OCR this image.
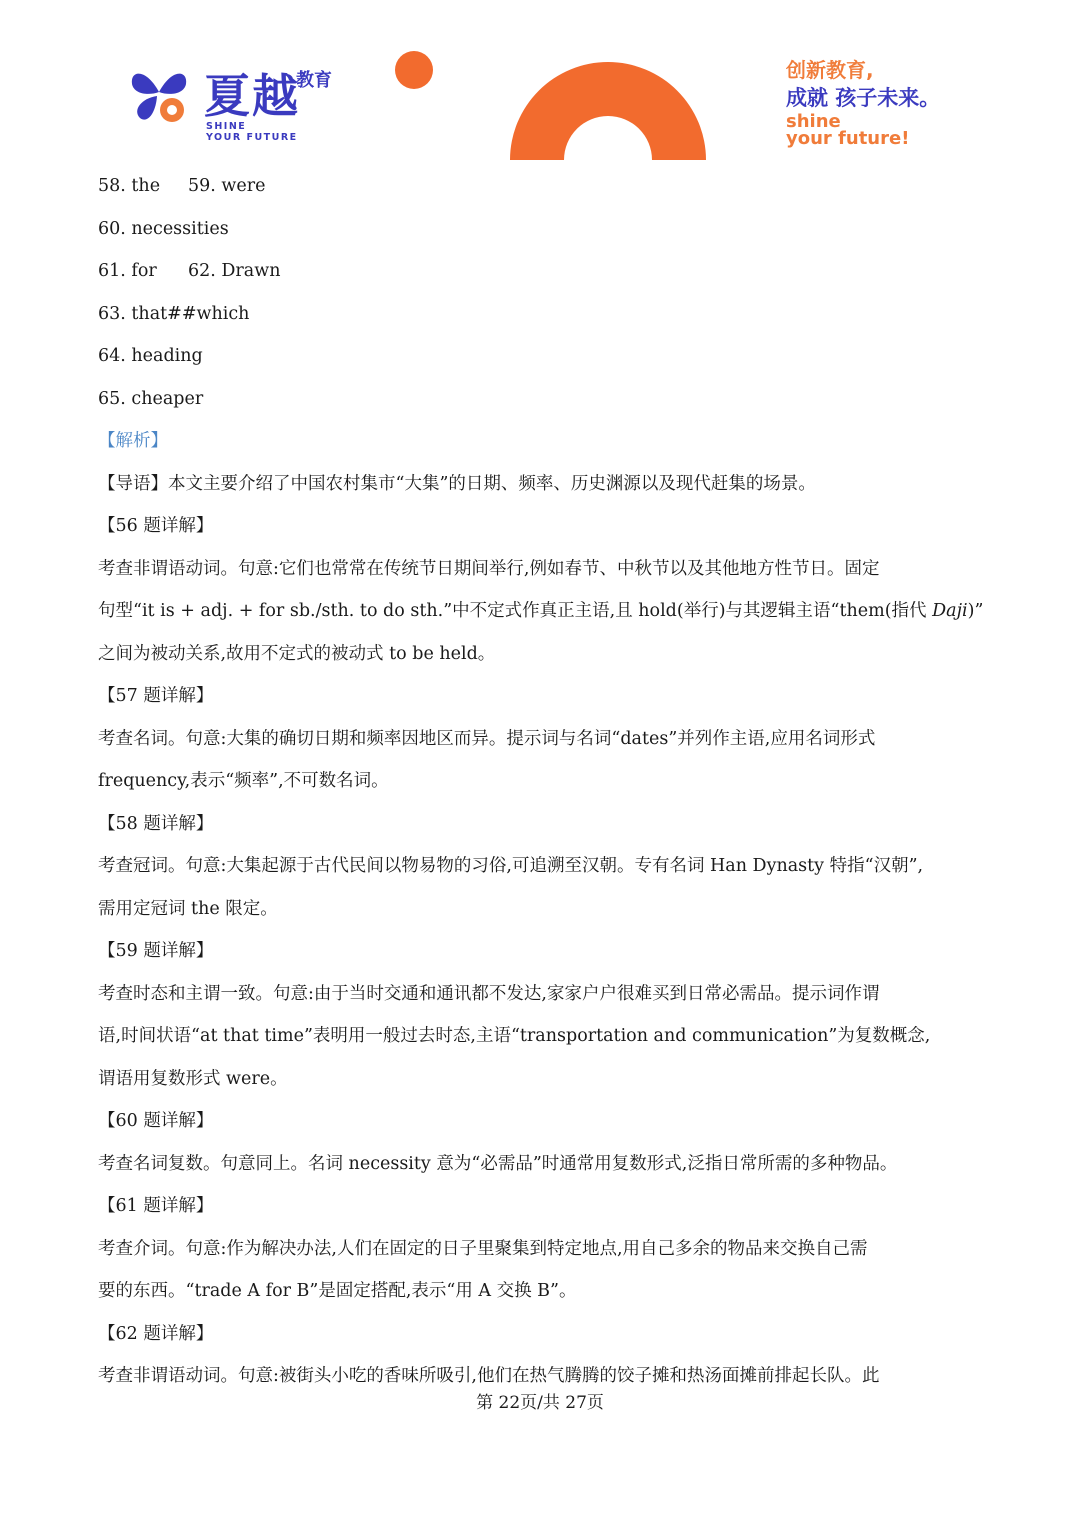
夏越
教育
SHINE
YOUR FUTURE
创新教育,
成就 孩子未来。
shine
your future!
58. the 59. were
60. necessities
61. for 62. Drawn
63. that##which
64. heading
65. cheaper
【解析】
【导语】本文主要介绍了中国农村集市“大集”的日期、频率、历史渊源以及现代赶集的场景。
【56 题详解】
考查非谓语动词。句意:它们也常常在传统节日期间举行,例如春节、中秋节以及其他地方性节日。固定
句型“it is + adj. + for sb./sth. to do sth.”中不定式作真正主语,且 hold(举行)与其逻辑主语“them(指代 Daji)”
之间为被动关系,故用不定式的被动式 to be held。
【57 题详解】
考查名词。句意:大集的确切日期和频率因地区而异。提示词与名词“dates”并列作主语,应用名词形式
frequency,表示“频率”,不可数名词。
【58 题详解】
考查冠词。句意:大集起源于古代民间以物易物的习俗,可追溯至汉朝。专有名词 Han Dynasty 特指“汉朝”,
需用定冠词 the 限定。
【59 题详解】
考查时态和主谓一致。句意:由于当时交通和通讯都不发达,家家户户很难买到日常必需品。提示词作谓
语,时间状语“at that time”表明用一般过去时态,主语“transportation and communication”为复数概念,
谓语用复数形式 were。
【60 题详解】
考查名词复数。句意同上。名词 necessity 意为“必需品”时通常用复数形式,泛指日常所需的多种物品。
【61 题详解】
考查介词。句意:作为解决办法,人们在固定的日子里聚集到特定地点,用自己多余的物品来交换自己需
要的东西。“trade A for B”是固定搭配,表示“用 A 交换 B”。
【62 题详解】
考查非谓语动词。句意:被街头小吃的香味所吸引,他们在热气腾腾的饺子摊和热汤面摊前排起长队。此
第 22页/共 27页
